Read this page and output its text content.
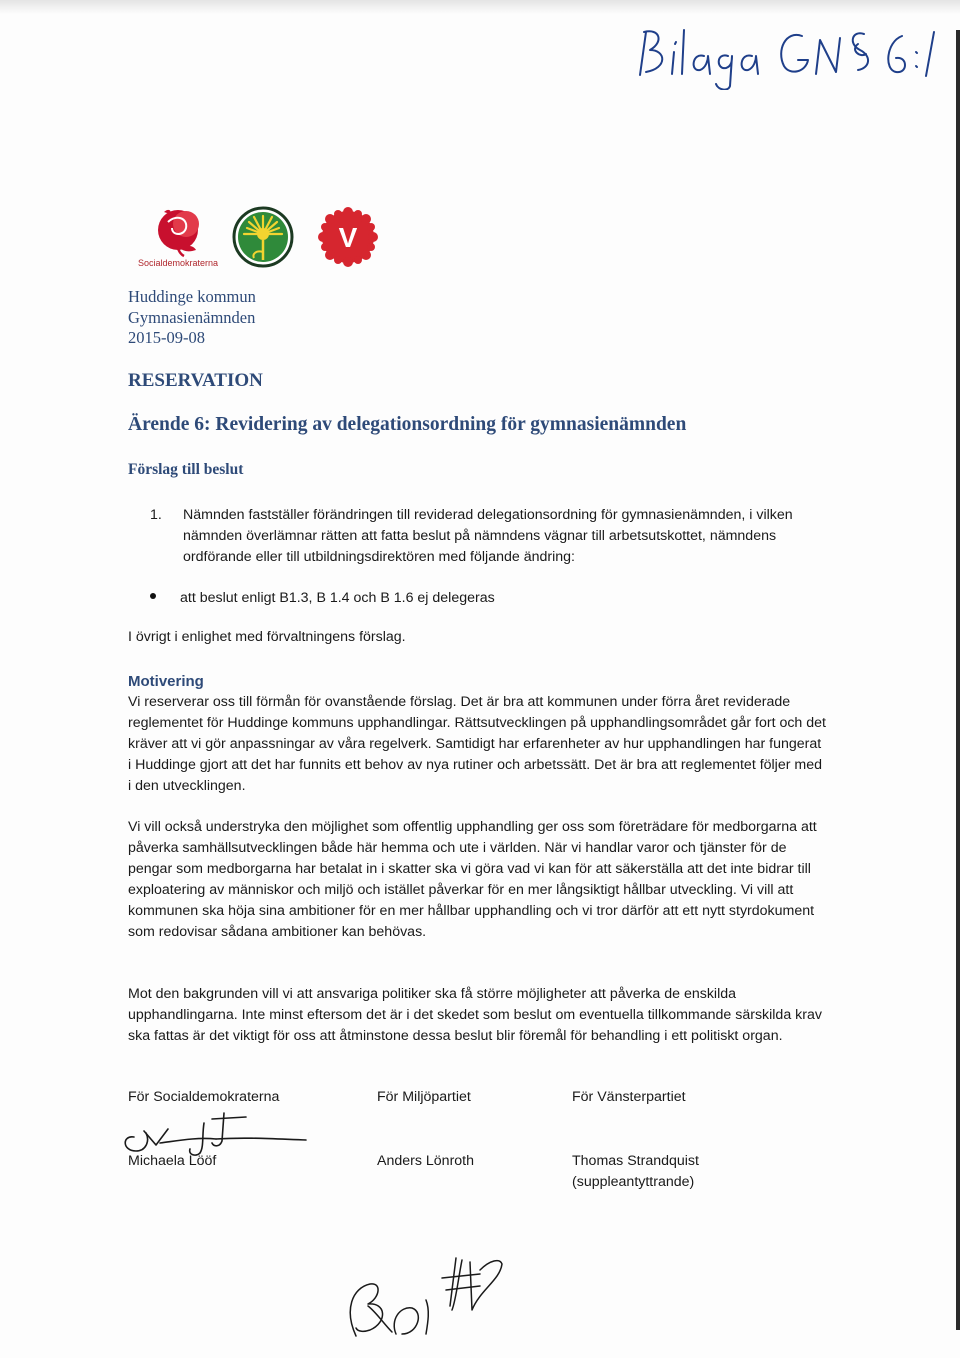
Socialdemokraterna
V
Huddinge kommun
Gymnasienämnden
2015-09-08
RESERVATION
Ärende 6: Revidering av delegationsordning för gymnasienämnden
Förslag till beslut
1. Nämnden fastställer förändringen till reviderad delegationsordning för gymnasienämnden, i vilken nämnden överlämnar rätten att fatta beslut på nämndens vägnar till arbetsutskottet, nämndens ordförande eller till utbildningsdirektören med följande ändring:
att beslut enligt B1.3, B 1.4 och B 1.6 ej delegeras
I övrigt i enlighet med förvaltningens förslag.
Motivering
Vi reserverar oss till förmån för ovanstående förslag. Det är bra att kommunen under förra året reviderade reglementet för Huddinge kommuns upphandlingar. Rättsutvecklingen på upphandlingsområdet går fort och det kräver att vi gör anpassningar av våra regelverk. Samtidigt har erfarenheter av hur upphandlingen har fungerat i Huddinge gjort att det har funnits ett behov av nya rutiner och arbetssätt. Det är bra att reglementet följer med i den utvecklingen.
Vi vill också understryka den möjlighet som offentlig upphandling ger oss som företrädare för medborgarna att påverka samhällsutvecklingen både här hemma och ute i världen. När vi handlar varor och tjänster för de pengar som medborgarna har betalat in i skatter ska vi göra vad vi kan för att säkerställa att det inte bidrar till exploatering av människor och miljö och istället påverkar för en mer långsiktigt hållbar utveckling. Vi vill att kommunen ska höja sina ambitioner för en mer hållbar upphandling och vi tror därför att ett nytt styrdokument som redovisar sådana ambitioner kan behövas.
Mot den bakgrunden vill vi att ansvariga politiker ska få större möjligheter att påverka de enskilda upphandlingarna. Inte minst eftersom det är i det skedet som beslut om eventuella tillkommande särskilda krav ska fattas är det viktigt för oss att åtminstone dessa beslut blir föremål för behandling i ett politiskt organ.
För Socialdemokraterna
Michaela Lööf
För Miljöpartiet
Anders Lönroth
För Vänsterpartiet
Thomas Strandquist
(suppleantyttrande)
